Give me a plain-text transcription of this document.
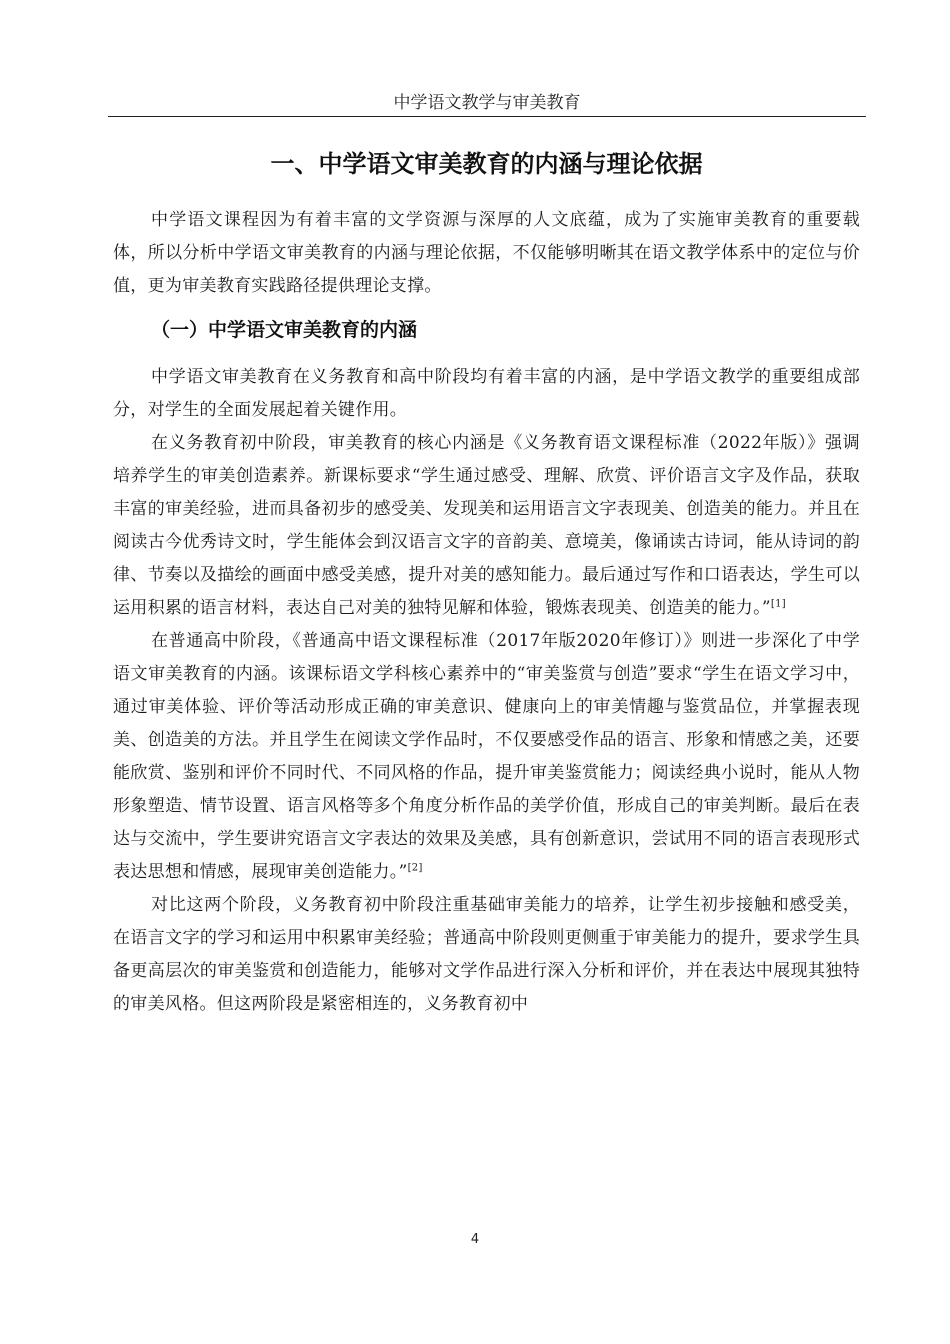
中学语文教学与审美教育
一、中学语文审美教育的内涵与理论依据

中学语文课程因为有着丰富的文学资源与深厚的人文底蕴，成为了实施审美教育的重要载体，所以分析中学语文审美教育的内涵与理论依据，不仅能够明晰其在语文教学体系中的定位与价值，更为审美教育实践路径提供理论支撑。

（一）中学语文审美教育的内涵

中学语文审美教育在义务教育和高中阶段均有着丰富的内涵，是中学语文教学的重要组成部分，对学生的全面发展起着关键作用。

在义务教育初中阶段，审美教育的核心内涵是《义务教育语文课程标准（2022年版）》强调培养学生的审美创造素养。新课标要求“学生通过感受、理解、欣赏、评价语言文字及作品，获取丰富的审美经验，进而具备初步的感受美、发现美和运用语言文字表现美、创造美的能力。并且在阅读古今优秀诗文时，学生能体会到汉语言文字的音韵美、意境美，像诵读古诗词，能从诗词的韵律、节奏以及描绘的画面中感受美感，提升对美的感知能力。最后通过写作和口语表达，学生可以运用积累的语言材料，表达自己对美的独特见解和体验，锻炼表现美、创造美的能力。”[1]

在普通高中阶段，《普通高中语文课程标准（2017年版2020年修订）》则进一步深化了中学语文审美教育的内涵。该课标语文学科核心素养中的“审美鉴赏与创造”要求“学生在语文学习中，通过审美体验、评价等活动形成正确的审美意识、健康向上的审美情趣与鉴赏品位，并掌握表现美、创造美的方法。并且学生在阅读文学作品时，不仅要感受作品的语言、形象和情感之美，还要能欣赏、鉴别和评价不同时代、不同风格的作品，提升审美鉴赏能力；阅读经典小说时，能从人物形象塑造、情节设置、语言风格等多个角度分析作品的美学价值，形成自己的审美判断。最后在表达与交流中，学生要讲究语言文字表达的效果及美感，具有创新意识，尝试用不同的语言表现形式表达思想和情感，展现审美创造能力。”[2]

对比这两个阶段，义务教育初中阶段注重基础审美能力的培养，让学生初步接触和感受美，在语言文字的学习和运用中积累审美经验；普通高中阶段则更侧重于审美能力的提升，要求学生具备更高层次的审美鉴赏和创造能力，能够对文学作品进行深入分析和评价，并在表达中展现其独特的审美风格。但这两阶段是紧密相连的，义务教育初中

4
